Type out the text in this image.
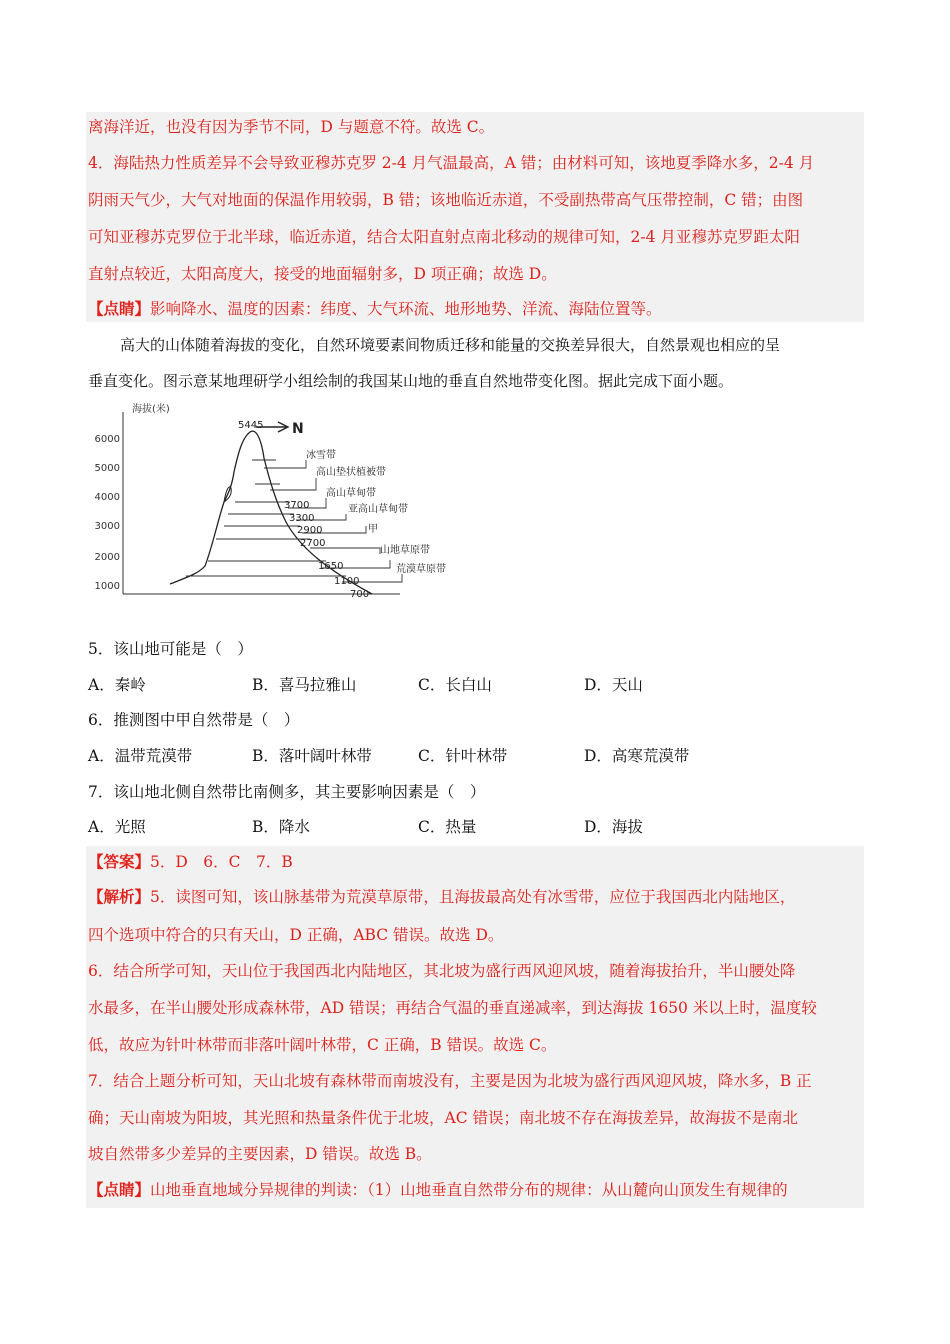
离海洋近，也没有因为季节不同，D 与题意不符。故选 C。
4．海陆热力性质差异不会导致亚穆苏克罗 2-4 月气温最高，A 错；由材料可知，该地夏季降水多，2-4 月
阴雨天气少，大气对地面的保温作用较弱，B 错；该地临近赤道，不受副热带高气压带控制，C 错；由图
可知亚穆苏克罗位于北半球，临近赤道，结合太阳直射点南北移动的规律可知，2-4 月亚穆苏克罗距太阳
直射点较近，太阳高度大，接受的地面辐射多，D 项正确；故选 D。
【点睛】影响降水、温度的因素：纬度、大气环流、地形地势、洋流、海陆位置等。
高大的山体随着海拔的变化，自然环境要素间物质迁移和能量的交换差异很大，自然景观也相应的呈
垂直变化。图示意某地理研学小组绘制的我国某山地的垂直自然地带变化图。据此完成下面小题。
海拔(米)
6000
5000
4000
3000
2000
1000
N
5445
3700
3300
2900
2700
1650
1100
700
冰雪带
高山垫状植被带
高山草甸带
亚高山草甸带
甲
山地草原带
荒漠草原带
5．该山地可能是（　）
A．秦岭	B．喜马拉雅山	C．长白山	D．天山
6．推测图中甲自然带是（　）
A．温带荒漠带	B．落叶阔叶林带	C．针叶林带	D．高寒荒漠带
7．该山地北侧自然带比南侧多，其主要影响因素是（　）
A．光照	B．降水	C．热量	D．海拔
【答案】5．D　6．C　7．B
【解析】5．读图可知，该山脉基带为荒漠草原带，且海拔最高处有冰雪带，应位于我国西北内陆地区，
四个选项中符合的只有天山，D 正确，ABC 错误。故选 D。
6．结合所学可知，天山位于我国西北内陆地区，其北坡为盛行西风迎风坡，随着海拔抬升，半山腰处降
水最多，在半山腰处形成森林带，AD 错误；再结合气温的垂直递减率，到达海拔 1650 米以上时，温度较
低，故应为针叶林带而非落叶阔叶林带，C 正确，B 错误。故选 C。
7．结合上题分析可知，天山北坡有森林带而南坡没有，主要是因为北坡为盛行西风迎风坡，降水多，B 正
确；天山南坡为阳坡，其光照和热量条件优于北坡，AC 错误；南北坡不存在海拔差异，故海拔不是南北
坡自然带多少差异的主要因素，D 错误。故选 B。
【点睛】山地垂直地域分异规律的判读：（1）山地垂直自然带分布的规律：从山麓向山顶发生有规律的
